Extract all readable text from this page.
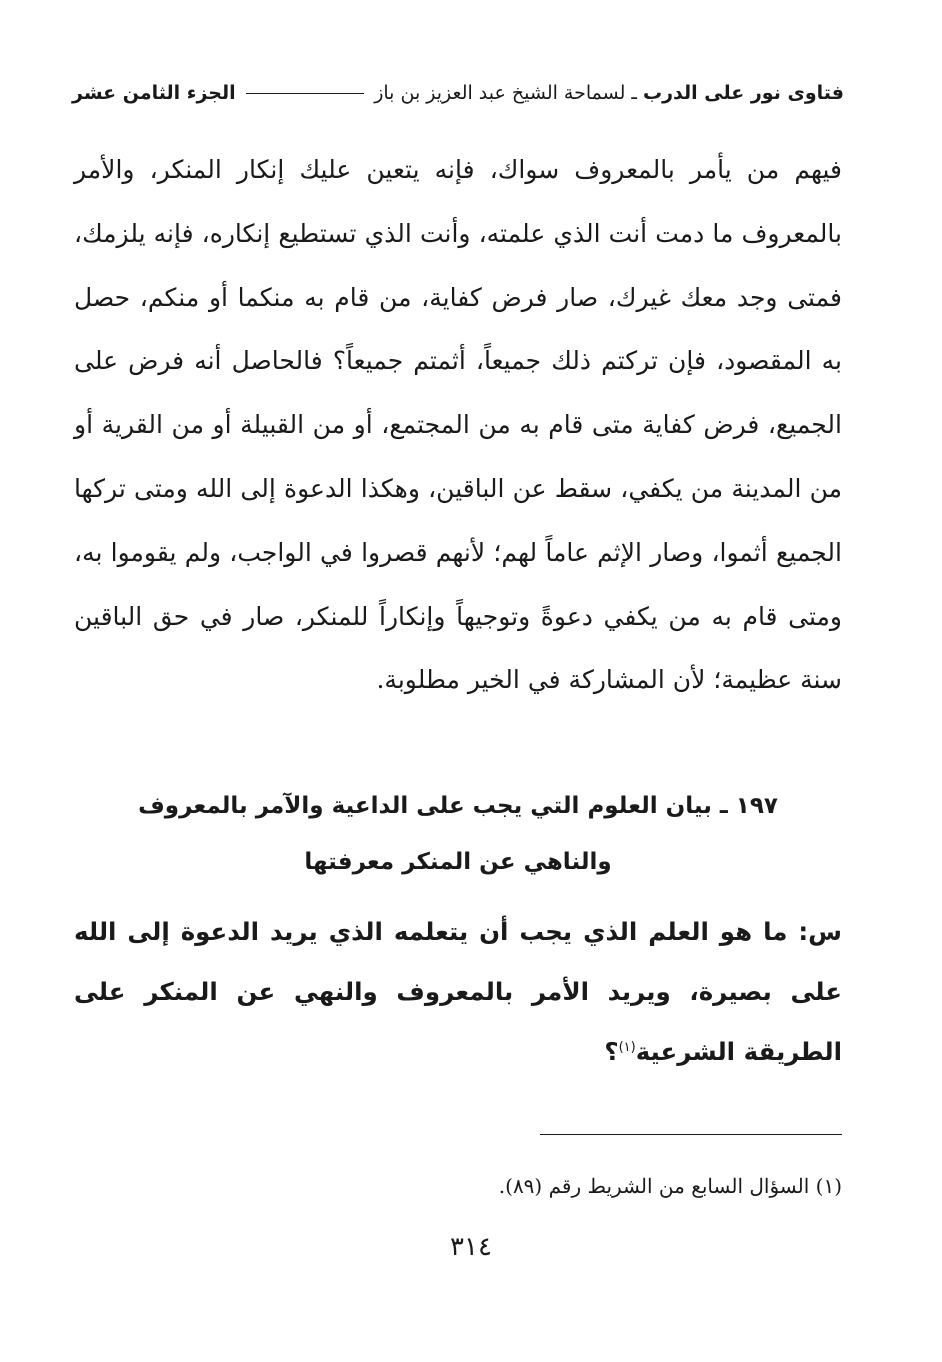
فتاوى نور على الدرب
ـ لسماحة الشيخ عبد العزيز بن باز
الجزء الثامن عشر

فيهم من يأمر بالمعروف سواك، فإنه يتعين عليك إنكار المنكر، والأمر بالمعروف ما دمت أنت الذي علمته، وأنت الذي تستطيع إنكاره، فإنه يلزمك، فمتى وجد معك غيرك، صار فرض كفاية، من قام به منكما أو منكم، حصل به المقصود، فإن تركتم ذلك جميعاً، أثمتم جميعاً؟ فالحاصل أنه فرض على الجميع، فرض كفاية متى قام به من المجتمع، أو من القبيلة أو من القرية أو من المدينة من يكفي، سقط عن الباقين، وهكذا الدعوة إلى الله ومتى تركها الجميع أثموا، وصار الإثم عاماً لهم؛ لأنهم قصروا في الواجب، ولم يقوموا به، ومتى قام به من يكفي دعوةً وتوجيهاً وإنكاراً للمنكر، صار في حق الباقين سنة عظيمة؛ لأن المشاركة في الخير مطلوبة.

١٩٧ ـ بيان العلوم التي يجب على الداعية والآمر بالمعروف
والناهي عن المنكر معرفتها

س: ما هو العلم الذي يجب أن يتعلمه الذي يريد الدعوة إلى الله على بصيرة، ويريد الأمر بالمعروف والنهي عن المنكر على الطريقة الشرعية$^{(١)}$؟

(١) السؤال السابع من الشريط رقم (٨٩).

٣١٤
